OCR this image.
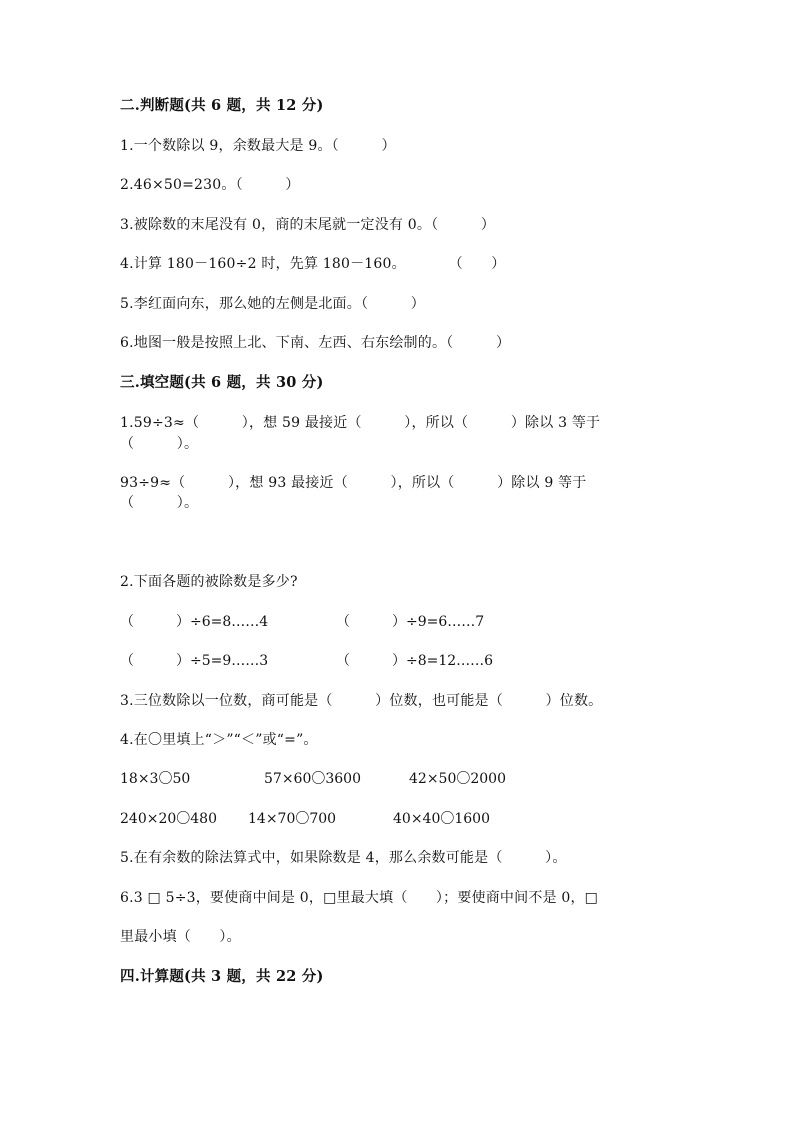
二.判断题(共 6 题，共 12 分)
1.一个数除以 9，余数最大是 9。（　　　）
2.46×50=230。（　　　）
3.被除数的末尾没有 0，商的末尾就一定没有 0。（　　　）
4.计算 180－160÷2 时，先算 180－160。　　　　（　　）
5.李红面向东，那么她的左侧是北面。（　　　）
6.地图一般是按照上北、下南、左西、右东绘制的。（　　　）
三.填空题(共 6 题，共 30 分)
1.59÷3≈（　　　），想 59 最接近（　　　），所以（　　　）除以 3 等于
（　　　）。
93÷9≈（　　　），想 93 最接近（　　　），所以（　　　）除以 9 等于
（　　　）。
2.下面各题的被除数是多少?
（　　　）÷6=8……4	（　　　）÷9=6……7
（　　　）÷5=9……3	（　　　）÷8=12……6
3.三位数除以一位数，商可能是（　　　）位数，也可能是（　　　）位数。
4.在〇里填上“＞”“＜”或“=”。
18×3〇50	57×60〇3600	42×50〇2000
240×20〇480 14×70〇700	40×40〇1600
5.在有余数的除法算式中，如果除数是 4，那么余数可能是（　　　）。
6.3 □ 5÷3，要使商中间是 0，□里最大填（　　）；要使商中间不是 0，□
里最小填（　　）。
四.计算题(共 3 题，共 22 分)
